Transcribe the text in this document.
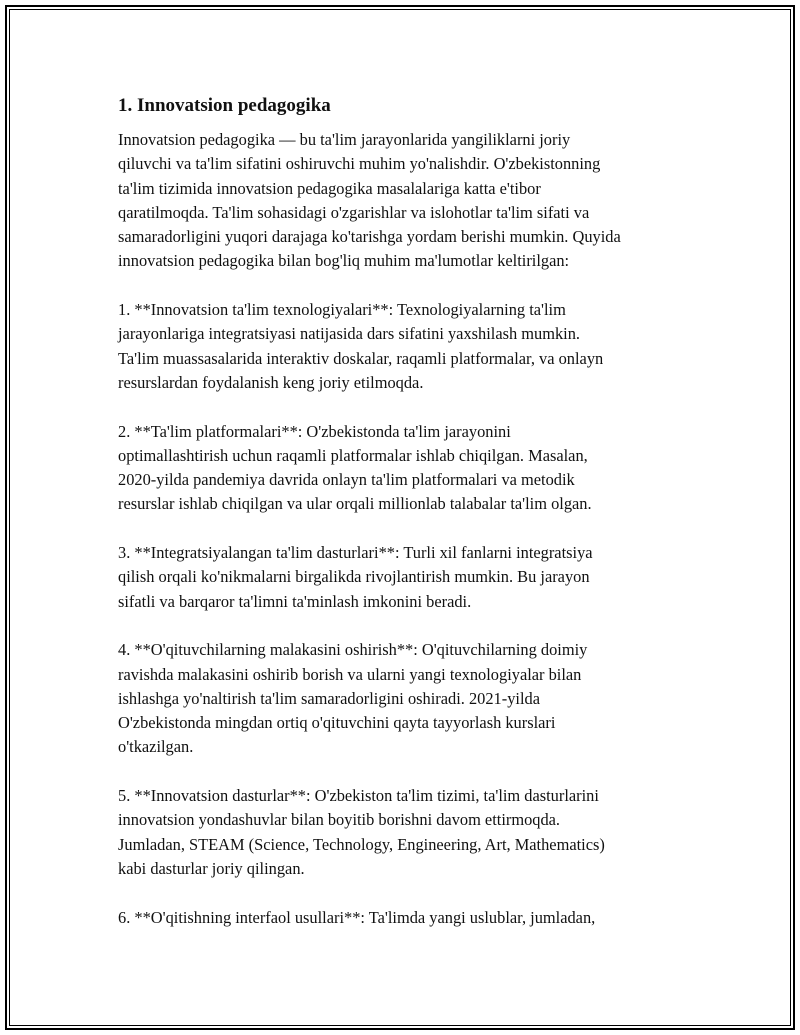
1. Innovatsion pedagogika
Innovatsion pedagogika — bu ta'lim jarayonlarida yangiliklarni joriy
qiluvchi va ta'lim sifatini oshiruvchi muhim yo'nalishdir. O'zbekistonning
ta'lim tizimida innovatsion pedagogika masalalariga katta e'tibor
qaratilmoqda. Ta'lim sohasidagi o'zgarishlar va islohotlar ta'lim sifati va
samaradorligini yuqori darajaga ko'tarishga yordam berishi mumkin. Quyida
innovatsion pedagogika bilan bog'liq muhim ma'lumotlar keltirilgan:
1. **Innovatsion ta'lim texnologiyalari**: Texnologiyalarning ta'lim
jarayonlariga integratsiyasi natijasida dars sifatini yaxshilash mumkin.
Ta'lim muassasalarida interaktiv doskalar, raqamli platformalar, va onlayn
resurslardan foydalanish keng joriy etilmoqda.
2. **Ta'lim platformalari**: O'zbekistonda ta'lim jarayonini
optimallashtirish uchun raqamli platformalar ishlab chiqilgan. Masalan,
2020-yilda pandemiya davrida onlayn ta'lim platformalari va metodik
resurslar ishlab chiqilgan va ular orqali millionlab talabalar ta'lim olgan.
3. **Integratsiyalangan ta'lim dasturlari**: Turli xil fanlarni integratsiya
qilish orqali ko'nikmalarni birgalikda rivojlantirish mumkin. Bu jarayon
sifatli va barqaror ta'limni ta'minlash imkonini beradi.
4. **O'qituvchilarning malakasini oshirish**: O'qituvchilarning doimiy
ravishda malakasini oshirib borish va ularni yangi texnologiyalar bilan
ishlashga yo'naltirish ta'lim samaradorligini oshiradi. 2021-yilda
O'zbekistonda mingdan ortiq o'qituvchini qayta tayyorlash kurslari
o'tkazilgan.
5. **Innovatsion dasturlar**: O'zbekiston ta'lim tizimi, ta'lim dasturlarini
innovatsion yondashuvlar bilan boyitib borishni davom ettirmoqda.
Jumladan, STEAM (Science, Technology, Engineering, Art, Mathematics)
kabi dasturlar joriy qilingan.
6. **O'qitishning interfaol usullari**: Ta'limda yangi uslublar, jumladan,
